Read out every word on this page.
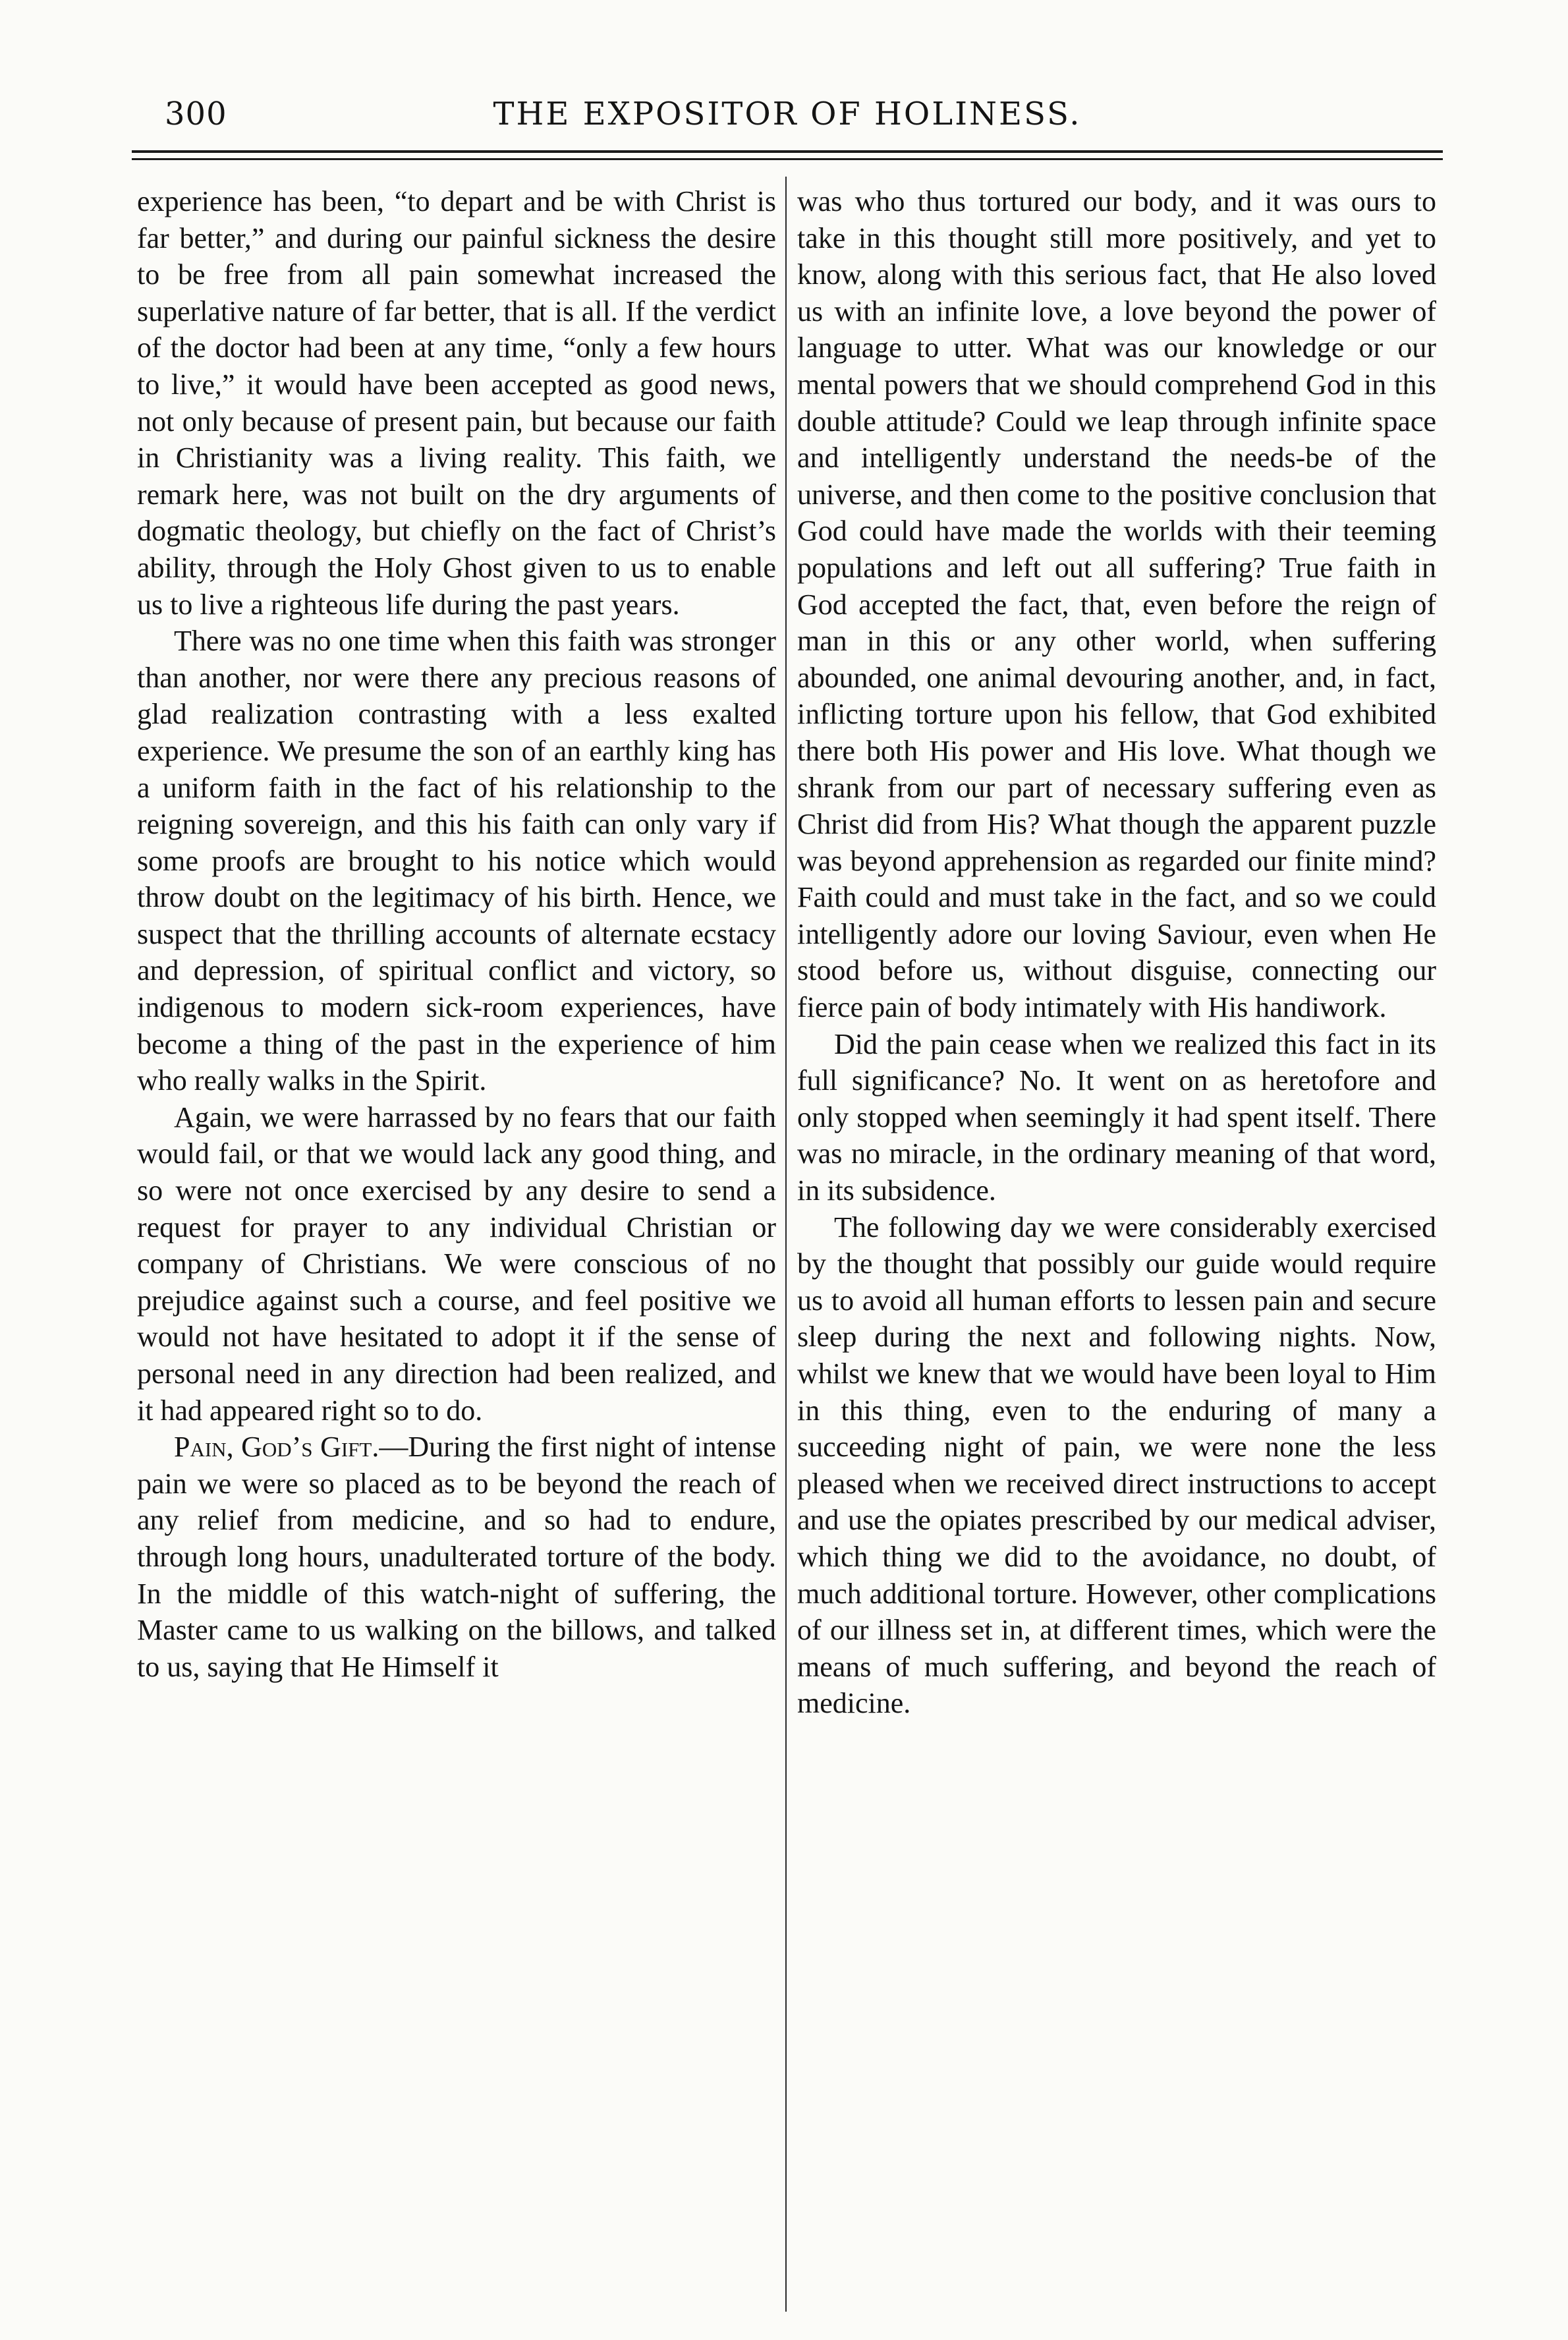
300	THE EXPOSITOR OF HOLINESS.

experience has been, “to depart and be with Christ is far better,” and during our painful sickness the desire to be free from all pain somewhat increased the superlative nature of far better, that is all. If the verdict of the doctor had been at any time, “only a few hours to live,” it would have been accepted as good news, not only because of present pain, but because our faith in Christianity was a living reality. This faith, we remark here, was not built on the dry arguments of dogmatic theology, but chiefly on the fact of Christ’s ability, through the Holy Ghost given to us to enable us to live a righteous life during the past years.

There was no one time when this faith was stronger than another, nor were there any precious reasons of glad realization contrasting with a less exalted experience. We presume the son of an earthly king has a uniform faith in the fact of his relationship to the reigning sovereign, and this his faith can only vary if some proofs are brought to his notice which would throw doubt on the legitimacy of his birth. Hence, we suspect that the thrilling accounts of alternate ecstacy and depression, of spiritual conflict and victory, so indigenous to modern sick-room experiences, have become a thing of the past in the experience of him who really walks in the Spirit.

Again, we were harrassed by no fears that our faith would fail, or that we would lack any good thing, and so were not once exercised by any desire to send a request for prayer to any individual Christian or company of Christians. We were conscious of no prejudice against such a course, and feel positive we would not have hesitated to adopt it if the sense of personal need in any direction had been realized, and it had appeared right so to do.

Pain, God’s Gift.—During the first night of intense pain we were so placed as to be beyond the reach of any relief from medicine, and so had to endure, through long hours, unadulterated torture of the body. In the middle of this watch-night of suffering, the Master came to us walking on the billows, and talked to us, saying that He Himself it

was who thus tortured our body, and it was ours to take in this thought still more positively, and yet to know, along with this serious fact, that He also loved us with an infinite love, a love beyond the power of language to utter. What was our knowledge or our mental powers that we should comprehend God in this double attitude? Could we leap through infinite space and intelligently understand the needs-be of the universe, and then come to the positive conclusion that God could have made the worlds with their teeming populations and left out all suffering? True faith in God accepted the fact, that, even before the reign of man in this or any other world, when suffering abounded, one animal devouring another, and, in fact, inflicting torture upon his fellow, that God exhibited there both His power and His love. What though we shrank from our part of necessary suffering even as Christ did from His? What though the apparent puzzle was beyond apprehension as regarded our finite mind? Faith could and must take in the fact, and so we could intelligently adore our loving Saviour, even when He stood before us, without disguise, connecting our fierce pain of body intimately with His handiwork.

Did the pain cease when we realized this fact in its full significance? No. It went on as heretofore and only stopped when seemingly it had spent itself. There was no miracle, in the ordinary meaning of that word, in its subsidence.

The following day we were considerably exercised by the thought that possibly our guide would require us to avoid all human efforts to lessen pain and secure sleep during the next and following nights. Now, whilst we knew that we would have been loyal to Him in this thing, even to the enduring of many a succeeding night of pain, we were none the less pleased when we received direct instructions to accept and use the opiates prescribed by our medical adviser, which thing we did to the avoidance, no doubt, of much additional torture. However, other complications of our illness set in, at different times, which were the means of much suffering, and beyond the reach of medicine.
